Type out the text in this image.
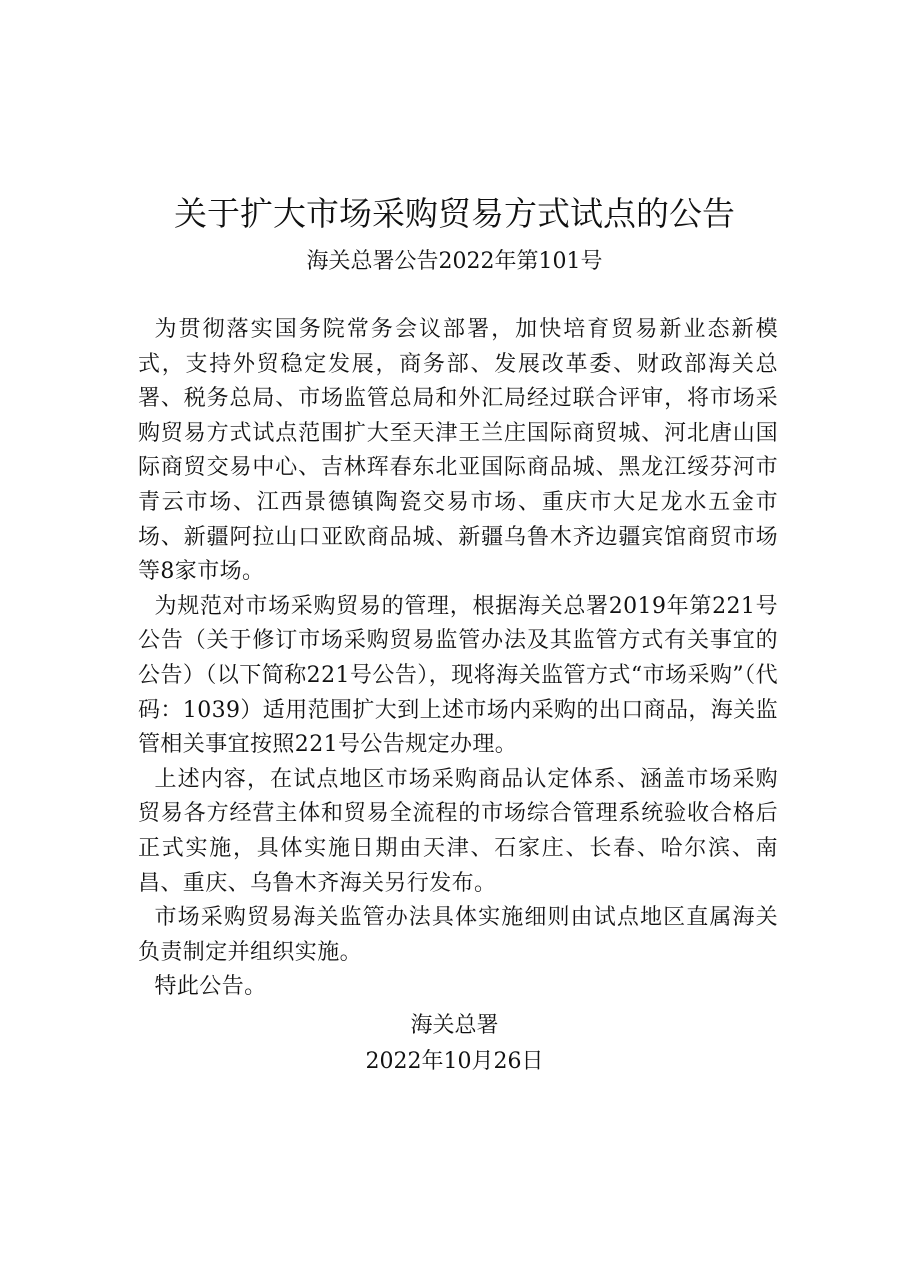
关于扩大市场采购贸易方式试点的公告
海关总署公告2022年第101号

为贯彻落实国务院常务会议部署，加快培育贸易新业态新模式，支持外贸稳定发展，商务部、发展改革委、财政部海关总署、税务总局、市场监管总局和外汇局经过联合评审，将市场采购贸易方式试点范围扩大至天津王兰庄国际商贸城、河北唐山国际商贸交易中心、吉林珲春东北亚国际商品城、黑龙江绥芬河市青云市场、江西景德镇陶瓷交易市场、重庆市大足龙水五金市场、新疆阿拉山口亚欧商品城、新疆乌鲁木齐边疆宾馆商贸市场等8家市场。

为规范对市场采购贸易的管理，根据海关总署2019年第221号公告（关于修订市场采购贸易监管办法及其监管方式有关事宜的公告）（以下简称221号公告），现将海关监管方式“市场采购”（代码：1039）适用范围扩大到上述市场内采购的出口商品，海关监管相关事宜按照221号公告规定办理。

上述内容，在试点地区市场采购商品认定体系、涵盖市场采购贸易各方经营主体和贸易全流程的市场综合管理系统验收合格后正式实施，具体实施日期由天津、石家庄、长春、哈尔滨、南昌、重庆、乌鲁木齐海关另行发布。

市场采购贸易海关监管办法具体实施细则由试点地区直属海关负责制定并组织实施。

特此公告。

海关总署
2022年10月26日
